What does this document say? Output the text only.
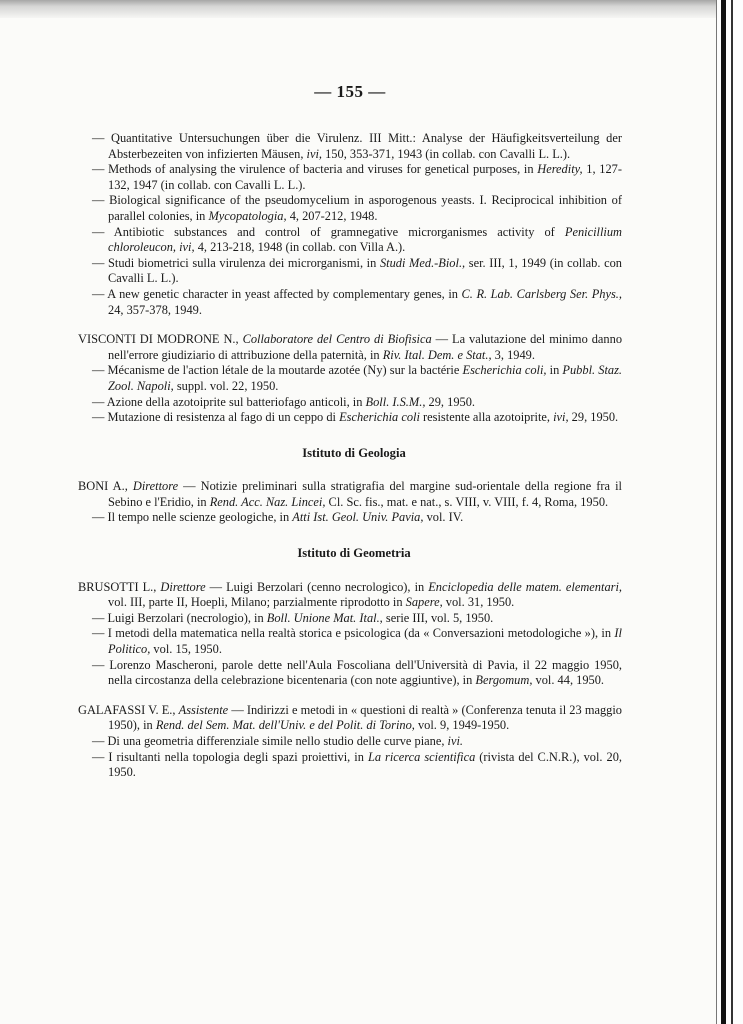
— 155 —

— Quantitative Untersuchungen über die Virulenz. III Mitt.: Analyse der Häufigkeitsverteilung der Absterbezeiten von infizierten Mäusen, ivi, 150, 353-371, 1943 (in collab. con Cavalli L. L.).

— Methods of analysing the virulence of bacteria and viruses for genetical purposes, in Heredity, 1, 127-132, 1947 (in collab. con Cavalli L. L.).

— Biological significance of the pseudomycelium in asporogenous yeasts. I. Reciprocical inhibition of parallel colonies, in Mycopatologia, 4, 207-212, 1948.

— Antibiotic substances and control of gramnegative microrganismes activity of Penicillium chloroleucon, ivi, 4, 213-218, 1948 (in collab. con Villa A.).

— Studi biometrici sulla virulenza dei microrganismi, in Studi Med.-Biol., ser. III, 1, 1949 (in collab. con Cavalli L. L.).

— A new genetic character in yeast affected by complementary genes, in C. R. Lab. Carlsberg Ser. Phys., 24, 357-378, 1949.

VISCONTI DI MODRONE N., Collaboratore del Centro di Biofisica — La valutazione del minimo danno nell'errore giudiziario di attribuzione della paternità, in Riv. Ital. Dem. e Stat., 3, 1949.

— Mécanisme de l'action létale de la moutarde azotée (Ny) sur la bactérie Escherichia coli, in Pubbl. Staz. Zool. Napoli, suppl. vol. 22, 1950.

— Azione della azotoiprite sul batteriofago anticoli, in Boll. I.S.M., 29, 1950.

— Mutazione di resistenza al fago di un ceppo di Escherichia coli resistente alla azotoiprite, ivi, 29, 1950.

Istituto di Geologia

BONI A., Direttore — Notizie preliminari sulla stratigrafia del margine sud-orientale della regione fra il Sebino e l'Eridio, in Rend. Acc. Naz. Lincei, Cl. Sc. fis., mat. e nat., s. VIII, v. VIII, f. 4, Roma, 1950.

— Il tempo nelle scienze geologiche, in Atti Ist. Geol. Univ. Pavia, vol. IV.

Istituto di Geometria

BRUSOTTI L., Direttore — Luigi Berzolari (cenno necrologico), in Enciclopedia delle matem. elementari, vol. III, parte II, Hoepli, Milano; parzialmente riprodotto in Sapere, vol. 31, 1950.

— Luigi Berzolari (necrologio), in Boll. Unione Mat. Ital., serie III, vol. 5, 1950.

— I metodi della matematica nella realtà storica e psicologica (da « Conversazioni metodologiche »), in Il Politico, vol. 15, 1950.

— Lorenzo Mascheroni, parole dette nell'Aula Foscoliana dell'Università di Pavia, il 22 maggio 1950, nella circostanza della celebrazione bicentenaria (con note aggiuntive), in Bergomum, vol. 44, 1950.

GALAFASSI V. E., Assistente — Indirizzi e metodi in « questioni di realtà » (Conferenza tenuta il 23 maggio 1950), in Rend. del Sem. Mat. dell'Univ. e del Polit. di Torino, vol. 9, 1949-1950.

— Di una geometria differenziale simile nello studio delle curve piane, ivi.

— I risultanti nella topologia degli spazi proiettivi, in La ricerca scientifica (rivista del C.N.R.), vol. 20, 1950.
